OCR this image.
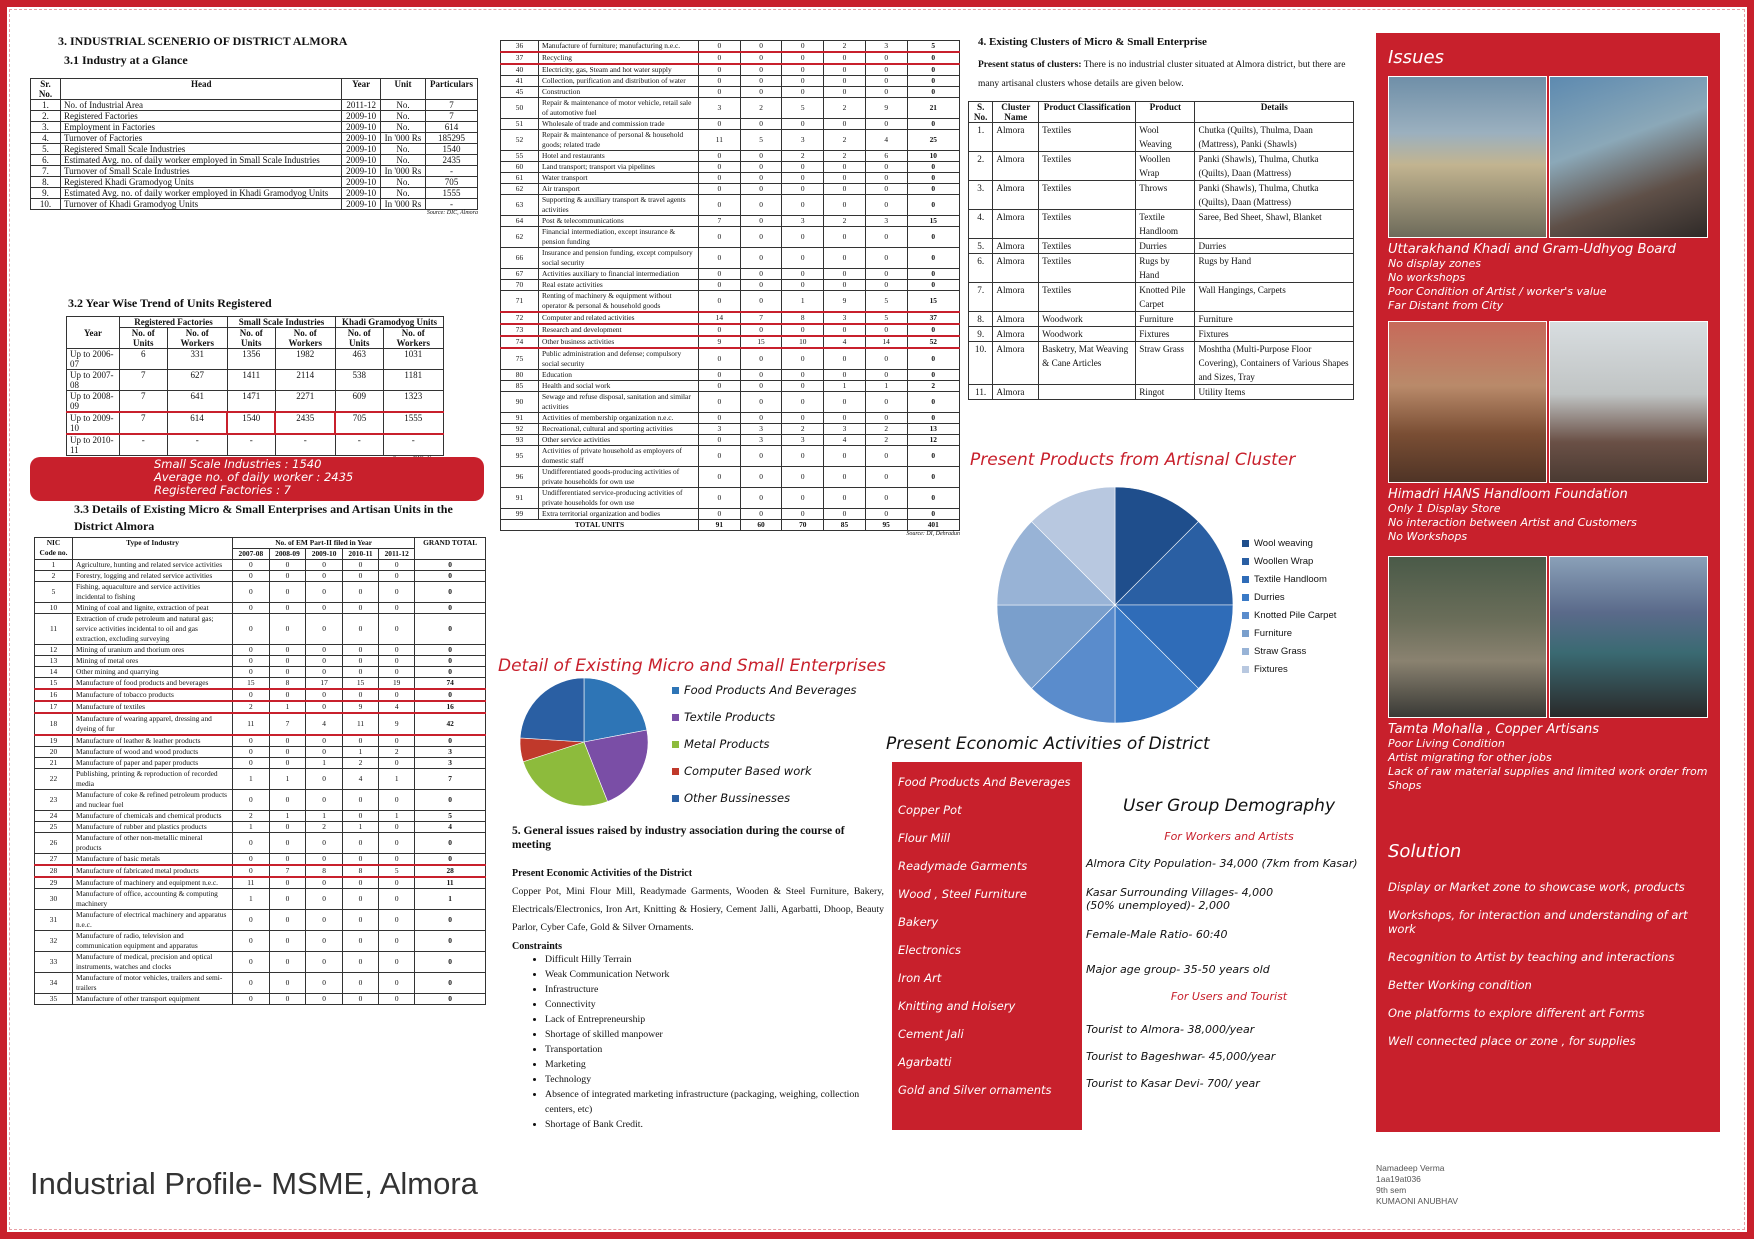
3. INDUSTRIAL SCENERIO OF DISTRICT ALMORA
3.1 Industry at a Glance
Sr. No.	Head	Year	Unit	Particulars
1.	No. of Industrial Area	2011-12	No.	7
2.	Registered Factories	2009-10	No.	7
3.	Employment in Factories	2009-10	No.	614
4.	Turnover of Factories	2009-10	In '000 Rs	185295
5.	Registered Small Scale Industries	2009-10	No.	1540
6.	Estimated Avg. no. of daily worker employed in Small Scale Industries	2009-10	No.	2435
7.	Turnover of Small Scale Industries	2009-10	In '000 Rs	-
8.	Registered Khadi Gramodyog Units	2009-10	No.	705
9.	Estimated Avg. no. of daily worker employed in Khadi Gramodyog Units	2009-10	No.	1555
10.	Turnover of Khadi Gramodyog Units	2009-10	In '000 Rs	-
Source: DIC, Almora
3.2 Year Wise Trend of Units Registered
Year	Registered Factories		Small Scale Industries		Khadi Gramodyog Units	
	No. of Units	No. of Workers	No. of Units	No. of Workers	No. of Units	No. of Workers
Up to 2006-07	6	331	1356	1982	463	1031
Up to 2007-08	7	627	1411	2114	538	1181
Up to 2008-09	7	641	1471	2271	609	1323
Up to 2009-10	7	614	1540	2435	705	1555
Up to 2010-11	-	-	-	-	-	-
Small Scale Industries : 1540
Average no. of daily worker : 2435
Registered Factories : 7
3.3 Details of Existing Micro & Small Enterprises and Artisan Units in the District Almora
NIC Code no.	Type of Industry	No. of EM Part-II filed in Year					GRAND TOTAL
		2007-08	2008-09	2009-10	2010-11	2011-12	
1	Agriculture, hunting and related service activities	0	0	0	0	0	0
2	Forestry, logging and related service activities	0	0	0	0	0	0
5	Fishing, aquaculture and service activities incidental to fishing	0	0	0	0	0	0
10	Mining of coal and lignite, extraction of peat	0	0	0	0	0	0
11	Extraction of crude petroleum and natural gas; service activities incidental to oil and gas extraction, excluding surveying	0	0	0	0	0	0
12	Mining of uranium and thorium ores	0	0	0	0	0	0
13	Mining of metal ores	0	0	0	0	0	0
14	Other mining and quarrying	0	0	0	0	0	0
15	Manufacture of food products and beverages	15	8	17	15	19	74
16	Manufacture of tobacco products	0	0	0	0	0	0
17	Manufacture of textiles	2	1	0	9	4	16
18	Manufacture of wearing apparel, dressing and dyeing of fur	11	7	4	11	9	42
19	Manufacture of leather & leather products	0	0	0	0	0	0
20	Manufacture of wood and wood products	0	0	0	1	2	3
21	Manufacture of paper and paper products	0	0	1	2	0	3
22	Publishing, printing & reproduction of recorded media	1	1	0	4	1	7
23	Manufacture of coke & refined petroleum products and nuclear fuel	0	0	0	0	0	0
24	Manufacture of chemicals and chemical products	2	1	1	0	1	5
25	Manufacture of rubber and plastics products	1	0	2	1	0	4
26	Manufacture of other non-metallic mineral products	0	0	0	0	0	0
27	Manufacture of basic metals	0	0	0	0	0	0
28	Manufacture of fabricated metal products	0	7	8	8	5	28
29	Manufacture of machinery and equipment n.e.c.	11	0	0	0	0	11
30	Manufacture of office, accounting & computing machinery	1	0	0	0	0	1
31	Manufacture of electrical machinery and apparatus n.e.c.	0	0	0	0	0	0
32	Manufacture of radio, television and communication equipment and apparatus	0	0	0	0	0	0
33	Manufacture of medical, precision and optical instruments, watches and clocks	0	0	0	0	0	0
34	Manufacture of motor vehicles, trailers and semi-trailers	0	0	0	0	0	0
35	Manufacture of other transport equipment	0	0	0	0	0	0
36	Manufacture of furniture; manufacturing n.e.c.	0	0	0	2	3	5
37	Recycling	0	0	0	0	0	0
40	Electricity, gas, Steam and hot water supply	0	0	0	0	0	0
41	Collection, purification and distribution of water	0	0	0	0	0	0
45	Construction	0	0	0	0	0	0
50	Repair & maintenance of motor vehicle, retail sale of automotive fuel	3	2	5	2	9	21
51	Wholesale of trade and commission trade	0	0	0	0	0	0
52	Repair & maintenance of personal & household goods; related trade	11	5	3	2	4	25
55	Hotel and restaurants	0	0	2	2	6	10
60	Land transport; transport via pipelines	0	0	0	0	0	0
61	Water transport	0	0	0	0	0	0
62	Air transport	0	0	0	0	0	0
63	Supporting & auxiliary transport & travel agents activities	0	0	0	0	0	0
64	Post & telecommunications	7	0	3	2	3	15
62	Financial intermediation, except insurance & pension funding	0	0	0	0	0	0
66	Insurance and pension funding, except compulsory social security	0	0	0	0	0	0
67	Activities auxiliary to financial intermediation	0	0	0	0	0	0
70	Real estate activities	0	0	0	0	0	0
71	Renting of machinery & equipment without operator & personal & household goods	0	0	1	9	5	15
72	Computer and related activities	14	7	8	3	5	37
73	Research and development	0	0	0	0	0	0
74	Other business activities	9	15	10	4	14	52
75	Public administration and defense; compulsory social security	0	0	0	0	0	0
80	Education	0	0	0	0	0	0
85	Health and social work	0	0	0	1	1	2
90	Sewage and refuse disposal, sanitation and similar activities	0	0	0	0	0	0
91	Activities of membership organization n.e.c.	0	0	0	0	0	0
92	Recreational, cultural and sporting activities	3	3	2	3	2	13
93	Other service activities	0	3	3	4	2	12
95	Activities of private household as employers of domestic staff	0	0	0	0	0	0
96	Undifferentiated goods-producing activities of private households for own use	0	0	0	0	0	0
91	Undifferentiated service-producing activities of private households for own use	0	0	0	0	0	0
99	Extra territorial organization and bodies	0	0	0	0	0	0
TOTAL UNITS		91	60	70	85	95	401
Source: DI, Dehradun
4. Existing Clusters of Micro & Small Enterprise
Present status of clusters: There is no industrial cluster situated at Almora district, but there are many artisanal clusters whose details are given below.
S. No.	Cluster Name	Product Classification	Product	Details
1.	Almora	Textiles	Wool Weaving	Chutka (Quilts), Thulma, Daan (Mattress), Panki (Shawls)
2.	Almora	Textiles	Woollen Wrap	Panki (Shawls), Thulma, Chutka (Quilts), Daan (Mattress)
3.	Almora	Textiles	Throws	Panki (Shawls), Thulma, Chutka (Quilts), Daan (Mattress)
4.	Almora	Textiles	Textile Handloom	Saree, Bed Sheet, Shawl, Blanket
5.	Almora	Textiles	Durries	Durries
6.	Almora	Textiles	Rugs by Hand	Rugs by Hand
7.	Almora	Textiles	Knotted Pile Carpet	Wall Hangings, Carpets
8.	Almora	Woodwork	Furniture	Furniture
9.	Almora	Woodwork	Fixtures	Fixtures
10.	Almora	Basketry, Mat Weaving & Cane Articles	Straw Grass	Moshtha (Multi-Purpose Floor Covering), Containers of Various Shapes and Sizes, Tray
11.	Almora		Ringot	Utility Items
Present Products from Artisnal Cluster
Wool weaving
Woollen Wrap
Textile Handloom
Durries
Knotted Pile Carpet
Furniture
Straw Grass
Fixtures
Detail of Existing Micro and Small Enterprises
Food Products And Beverages
Textile Products
Metal Products
Computer Based work
Other Bussinesses
5. General issues raised by industry association during the course of meeting
Present Economic Activities of the District
Copper Pot, Mini Flour Mill, Readymade Garments, Wooden & Steel Furniture, Bakery, Electricals/Electronics, Iron Art, Knitting & Hosiery, Cement Jalli, Agarbatti, Dhoop, Beauty Parlor, Cyber Cafe, Gold & Silver Ornaments.
Constraints
• Difficult Hilly Terrain
• Weak Communication Network
• Infrastructure
• Connectivity
• Lack of Entrepreneurship
• Shortage of skilled manpower
• Transportation
• Marketing
• Technology
• Absence of integrated marketing infrastructure (packaging, weighing, collection centers, etc)
• Shortage of Bank Credit.
Present Economic Activities of District
Food Products And Beverages
Copper Pot
Flour Mill
Readymade Garments
Wood , Steel Furniture
Bakery
Electronics
Iron Art
Knitting and Hoisery
Cement Jali
Agarbatti
Gold and Silver ornaments
User Group Demography
For Workers and Artists
Almora City Population- 34,000 (7km from Kasar)
Kasar Surrounding Villages- 4,000 (50% unemployed)- 2,000
Female-Male Ratio- 60:40
Major age group- 35-50 years old
For Users and Tourist
Tourist to Almora- 38,000/year
Tourist to Bageshwar- 45,000/year
Tourist to Kasar Devi- 700/ year
Issues
Uttarakhand Khadi and Gram-Udhyog Board
No display zones
No workshops
Poor Condition of Artist / worker's value
Far Distant from City
Himadri HANS Handloom Foundation
Only 1 Display Store
No interaction between Artist and Customers
No Workshops
Tamta Mohalla , Copper Artisans
Poor Living Condition
Artist migrating for other jobs
Lack of raw material supplies and limited work order from Shops
Solution
Display or Market zone to showcase work, products
Workshops, for interaction and understanding of art work
Recognition to Artist by teaching and interactions
Better Working condition
One platforms to explore different art Forms
Well connected place or zone , for supplies
Industrial Profile- MSME, Almora	Namadeep Verma
1aa19at036
9th sem
KUMAONI ANUBHAV
